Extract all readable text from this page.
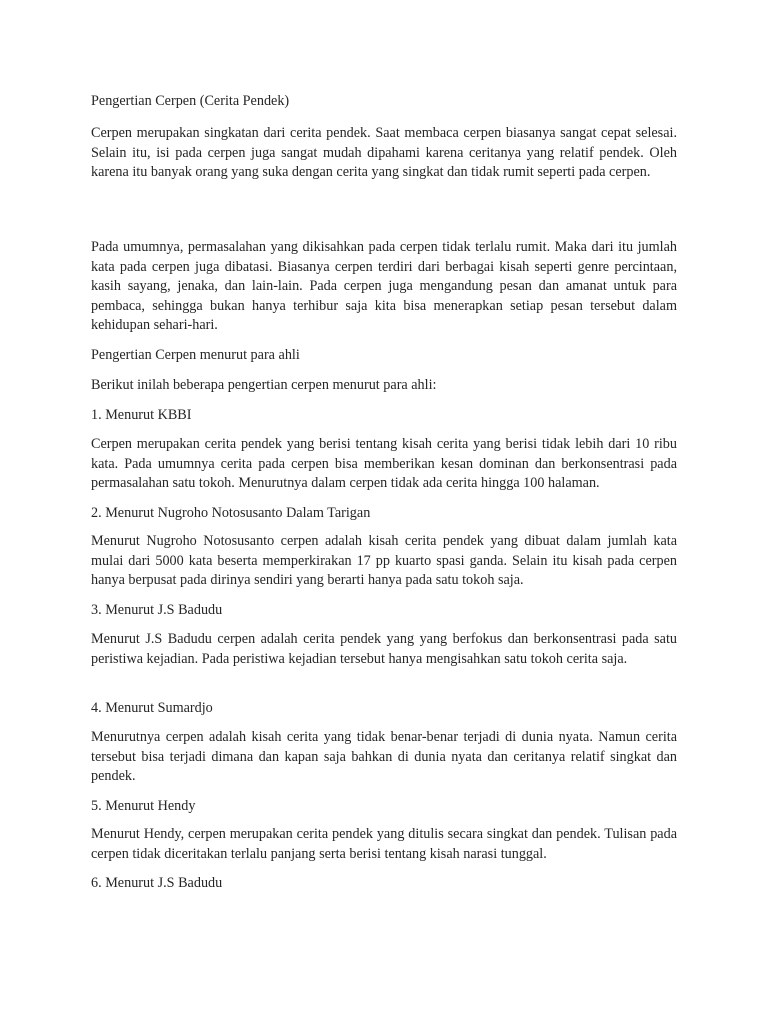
Pengertian Cerpen (Cerita Pendek)

Cerpen merupakan singkatan dari cerita pendek. Saat membaca cerpen biasanya sangat cepat selesai. Selain itu, isi pada cerpen juga sangat mudah dipahami karena ceritanya yang relatif pendek. Oleh karena itu banyak orang yang suka dengan cerita yang singkat dan tidak rumit seperti pada cerpen.

Pada umumnya, permasalahan yang dikisahkan pada cerpen tidak terlalu rumit. Maka dari itu jumlah kata pada cerpen juga dibatasi. Biasanya cerpen terdiri dari berbagai kisah seperti genre percintaan, kasih sayang, jenaka, dan lain-lain. Pada cerpen juga mengandung pesan dan amanat untuk para pembaca, sehingga bukan hanya terhibur saja kita bisa menerapkan setiap pesan tersebut dalam kehidupan sehari-hari.

Pengertian Cerpen menurut para ahli

Berikut inilah beberapa pengertian cerpen menurut para ahli:

1. Menurut KBBI

Cerpen merupakan cerita pendek yang berisi tentang kisah cerita yang berisi tidak lebih dari 10 ribu kata. Pada umumnya cerita pada cerpen bisa memberikan kesan dominan dan berkonsentrasi pada permasalahan satu tokoh. Menurutnya dalam cerpen tidak ada cerita hingga 100 halaman.

2. Menurut Nugroho Notosusanto Dalam Tarigan

Menurut Nugroho Notosusanto cerpen adalah kisah cerita pendek yang dibuat dalam jumlah kata mulai dari 5000 kata beserta memperkirakan 17 pp kuarto spasi ganda. Selain itu kisah pada cerpen hanya berpusat pada dirinya sendiri yang berarti hanya pada satu tokoh saja.

3. Menurut J.S Badudu

Menurut J.S Badudu cerpen adalah cerita pendek yang yang berfokus dan berkonsentrasi pada satu peristiwa kejadian. Pada peristiwa kejadian tersebut hanya mengisahkan satu tokoh cerita saja.

4. Menurut Sumardjo

Menurutnya cerpen adalah kisah cerita yang tidak benar-benar terjadi di dunia nyata. Namun cerita tersebut bisa terjadi dimana dan kapan saja bahkan di dunia nyata dan ceritanya relatif singkat dan pendek.

5. Menurut Hendy

Menurut Hendy, cerpen merupakan cerita pendek yang ditulis secara singkat dan pendek. Tulisan pada cerpen tidak diceritakan terlalu panjang serta berisi tentang kisah narasi tunggal.

6. Menurut J.S Badudu
